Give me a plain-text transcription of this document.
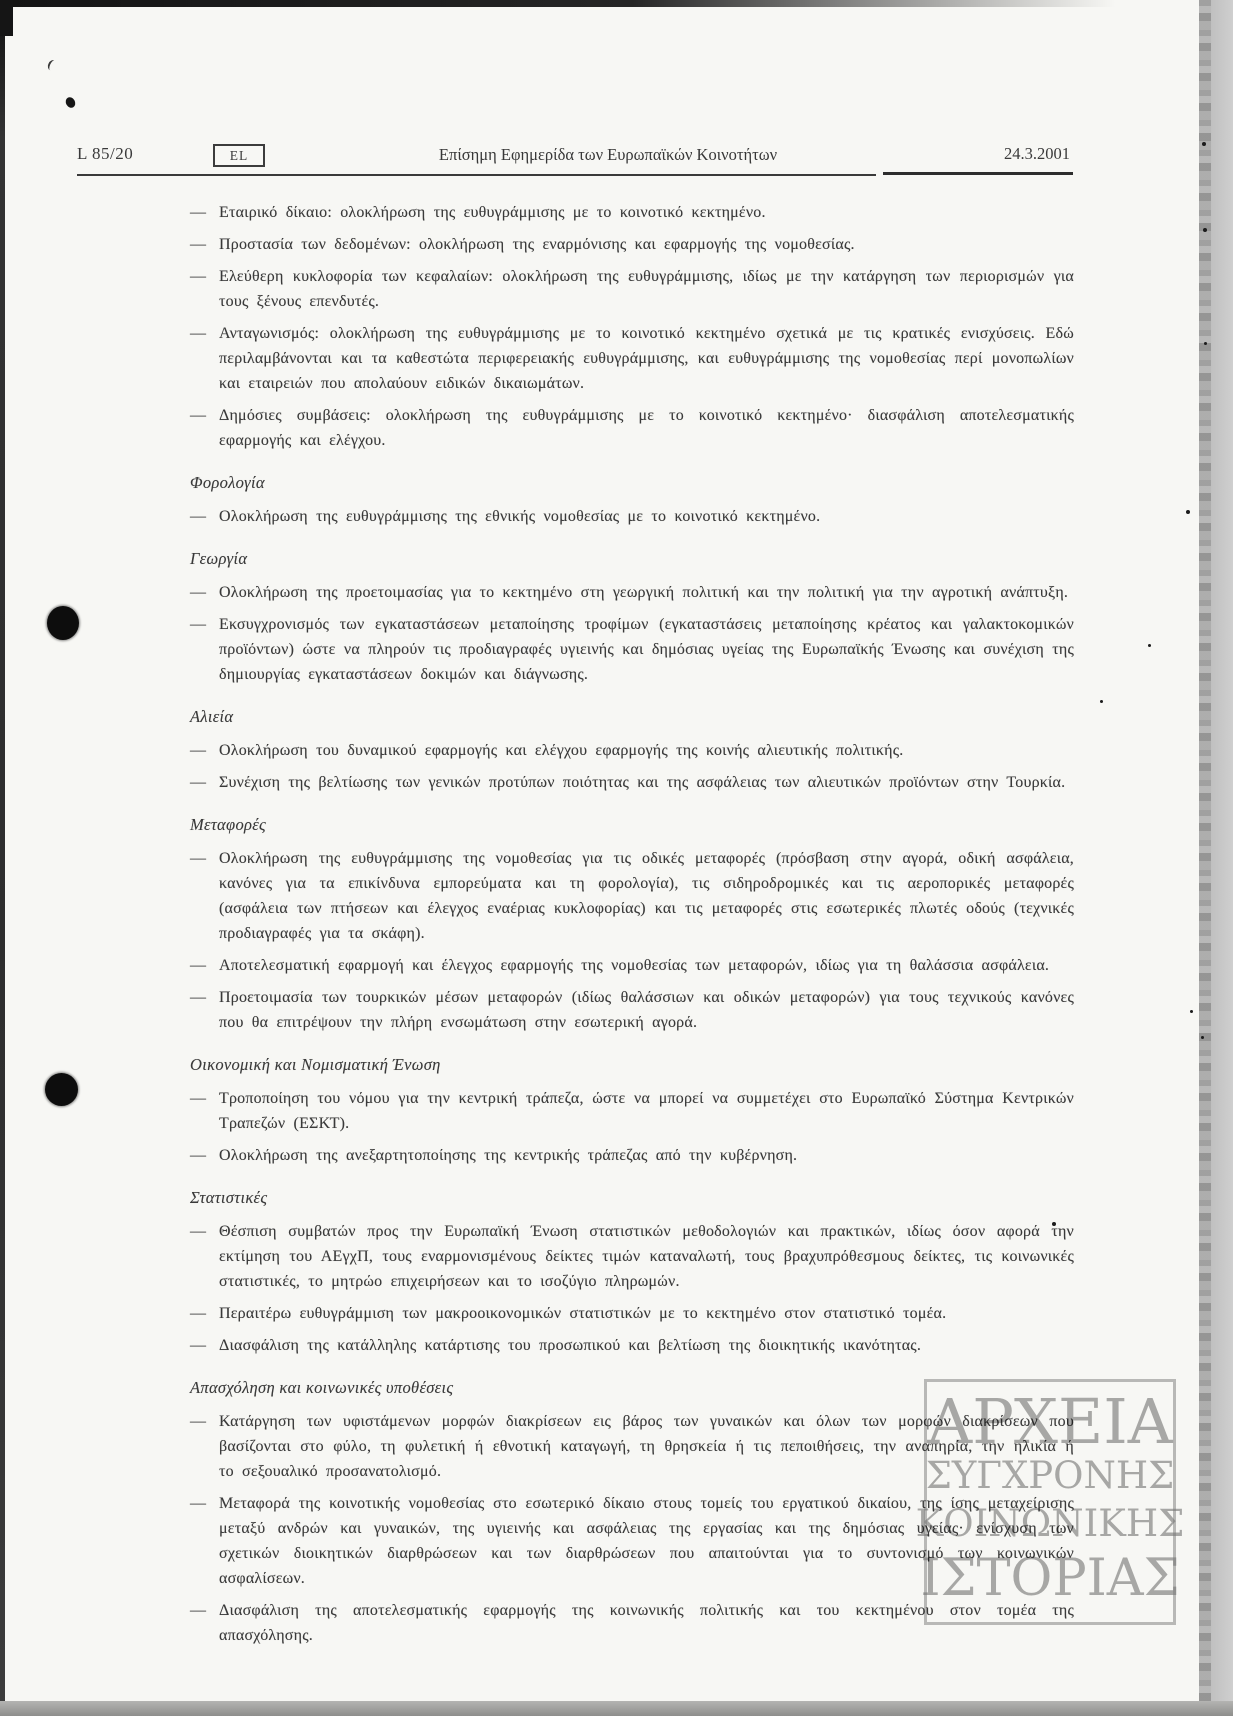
L 85/20	EL	Επίσημη Εφημερίδα των Ευρωπαϊκών Κοινοτήτων	24.3.2001
— Εταιρικό δίκαιο: ολοκλήρωση της ευθυγράμμισης με το κοινοτικό κεκτημένο.
— Προστασία των δεδομένων: ολοκλήρωση της εναρμόνισης και εφαρμογής της νομοθεσίας.
— Ελεύθερη κυκλοφορία των κεφαλαίων: ολοκλήρωση της ευθυγράμμισης, ιδίως με την κατάργηση των περιορισμών για τους ξένους επενδυτές.
— Ανταγωνισμός: ολοκλήρωση της ευθυγράμμισης με το κοινοτικό κεκτημένο σχετικά με τις κρατικές ενισχύσεις. Εδώ περιλαμβάνονται και τα καθεστώτα περιφερειακής ευθυγράμμισης, και ευθυγράμμισης της νομοθεσίας περί μονοπωλίων και εταιρειών που απολαύουν ειδικών δικαιωμάτων.
— Δημόσιες συμβάσεις: ολοκλήρωση της ευθυγράμμισης με το κοινοτικό κεκτημένο· διασφάλιση αποτελεσματικής εφαρμογής και ελέγχου.
Φορολογία
— Ολοκλήρωση της ευθυγράμμισης της εθνικής νομοθεσίας με το κοινοτικό κεκτημένο.
Γεωργία
— Ολοκλήρωση της προετοιμασίας για το κεκτημένο στη γεωργική πολιτική και την πολιτική για την αγροτική ανάπτυξη.
— Εκσυγχρονισμός των εγκαταστάσεων μεταποίησης τροφίμων (εγκαταστάσεις μεταποίησης κρέατος και γαλακτοκομικών προϊόντων) ώστε να πληρούν τις προδιαγραφές υγιεινής και δημόσιας υγείας της Ευρωπαϊκής Ένωσης και συνέχιση της δημιουργίας εγκαταστάσεων δοκιμών και διάγνωσης.
Αλιεία
— Ολοκλήρωση του δυναμικού εφαρμογής και ελέγχου εφαρμογής της κοινής αλιευτικής πολιτικής.
— Συνέχιση της βελτίωσης των γενικών προτύπων ποιότητας και της ασφάλειας των αλιευτικών προϊόντων στην Τουρκία.
Μεταφορές
— Ολοκλήρωση της ευθυγράμμισης της νομοθεσίας για τις οδικές μεταφορές (πρόσβαση στην αγορά, οδική ασφάλεια, κανόνες για τα επικίνδυνα εμπορεύματα και τη φορολογία), τις σιδηροδρομικές και τις αεροπορικές μεταφορές (ασφάλεια των πτήσεων και έλεγχος εναέριας κυκλοφορίας) και τις μεταφορές στις εσωτερικές πλωτές οδούς (τεχνικές προδιαγραφές για τα σκάφη).
— Αποτελεσματική εφαρμογή και έλεγχος εφαρμογής της νομοθεσίας των μεταφορών, ιδίως για τη θαλάσσια ασφάλεια.
— Προετοιμασία των τουρκικών μέσων μεταφορών (ιδίως θαλάσσιων και οδικών μεταφορών) για τους τεχνικούς κανόνες που θα επιτρέψουν την πλήρη ενσωμάτωση στην εσωτερική αγορά.
Οικονομική και Νομισματική Ένωση
— Τροποποίηση του νόμου για την κεντρική τράπεζα, ώστε να μπορεί να συμμετέχει στο Ευρωπαϊκό Σύστημα Κεντρικών Τραπεζών (ΕΣΚΤ).
— Ολοκλήρωση της ανεξαρτητοποίησης της κεντρικής τράπεζας από την κυβέρνηση.
Στατιστικές
— Θέσπιση συμβατών προς την Ευρωπαϊκή Ένωση στατιστικών μεθοδολογιών και πρακτικών, ιδίως όσον αφορά την εκτίμηση του ΑΕγχΠ, τους εναρμονισμένους δείκτες τιμών καταναλωτή, τους βραχυπρόθεσμους δείκτες, τις κοινωνικές στατιστικές, το μητρώο επιχειρήσεων και το ισοζύγιο πληρωμών.
— Περαιτέρω ευθυγράμμιση των μακροοικονομικών στατιστικών με το κεκτημένο στον στατιστικό τομέα.
— Διασφάλιση της κατάλληλης κατάρτισης του προσωπικού και βελτίωση της διοικητικής ικανότητας.
Απασχόληση και κοινωνικές υποθέσεις
— Κατάργηση των υφιστάμενων μορφών διακρίσεων εις βάρος των γυναικών και όλων των μορφών διακρίσεων που βασίζονται στο φύλο, τη φυλετική ή εθνοτική καταγωγή, τη θρησκεία ή τις πεποιθήσεις, την αναπηρία, την ηλικία ή το σεξουαλικό προσανατολισμό.
— Μεταφορά της κοινοτικής νομοθεσίας στο εσωτερικό δίκαιο στους τομείς του εργατικού δικαίου, της ίσης μεταχείρισης μεταξύ ανδρών και γυναικών, της υγιεινής και ασφάλειας της εργασίας και της δημόσιας υγείας· ενίσχυση των σχετικών διοικητικών διαρθρώσεων και των διαρθρώσεων που απαιτούνται για το συντονισμό των κοινωνικών ασφαλίσεων.
— Διασφάλιση της αποτελεσματικής εφαρμογής της κοινωνικής πολιτικής και του κεκτημένου στον τομέα της απασχόλησης.
ΑΡΧΕΙΑ
ΣΥΓΧΡΟΝΗΣ
ΚΟΙΝΩΝΙΚΗΣ
ΙΣΤΟΡΙΑΣ
